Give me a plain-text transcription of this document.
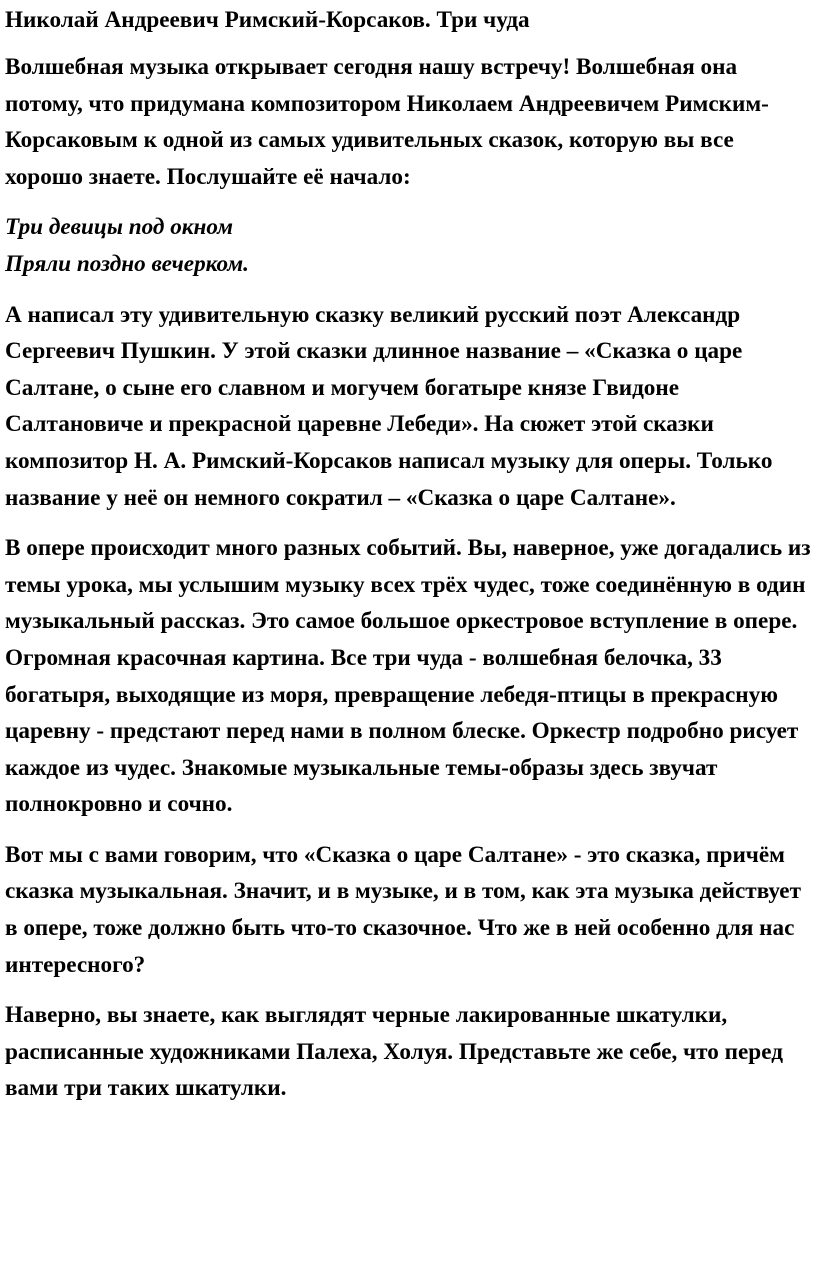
Николай Андреевич Римский-Корсаков. Три чуда

Волшебная музыка открывает сегодня нашу встречу! Волшебная она потому, что придумана композитором Николаем Андреевичем Римским-Корсаковым к одной из самых удивительных сказок, которую вы все хорошо знаете. Послушайте её начало:

Три девицы под окном
Пряли поздно вечерком.

А написал эту удивительную сказку великий русский поэт Александр Сергеевич Пушкин. У этой сказки длинное название – «Сказка о царе Салтане, о сыне его славном и могучем богатыре князе Гвидоне Салтановиче и прекрасной царевне Лебеди». На сюжет этой сказки композитор Н. А. Римский-Корсаков написал музыку для оперы. Только название у неё он немного сократил – «Сказка о царе Салтане».

В опере происходит много разных событий. Вы, наверное, уже догадались из темы урока, мы услышим музыку всех трёх чудес, тоже соединённую в один музыкальный рассказ. Это самое большое оркестровое вступление в опере. Огромная красочная картина. Все три чуда - волшебная белочка, 33 богатыря, выходящие из моря, превращение лебедя-птицы в прекрасную царевну - предстают перед нами в полном блеске. Оркестр подробно рисует каждое из чудес. Знакомые музыкальные темы-образы здесь звучат полнокровно и сочно.

Вот мы с вами говорим, что «Сказка о царе Салтане» - это сказка, причём сказка музыкальная. Значит, и в музыке, и в том, как эта музыка действует в опере, тоже должно быть что-то сказочное. Что же в ней особенно для нас интересного?

Наверно, вы знаете, как выглядят черные лакированные шкатулки, расписанные художниками Палеха, Холуя. Представьте же себе, что перед вами три таких шкатулки.
